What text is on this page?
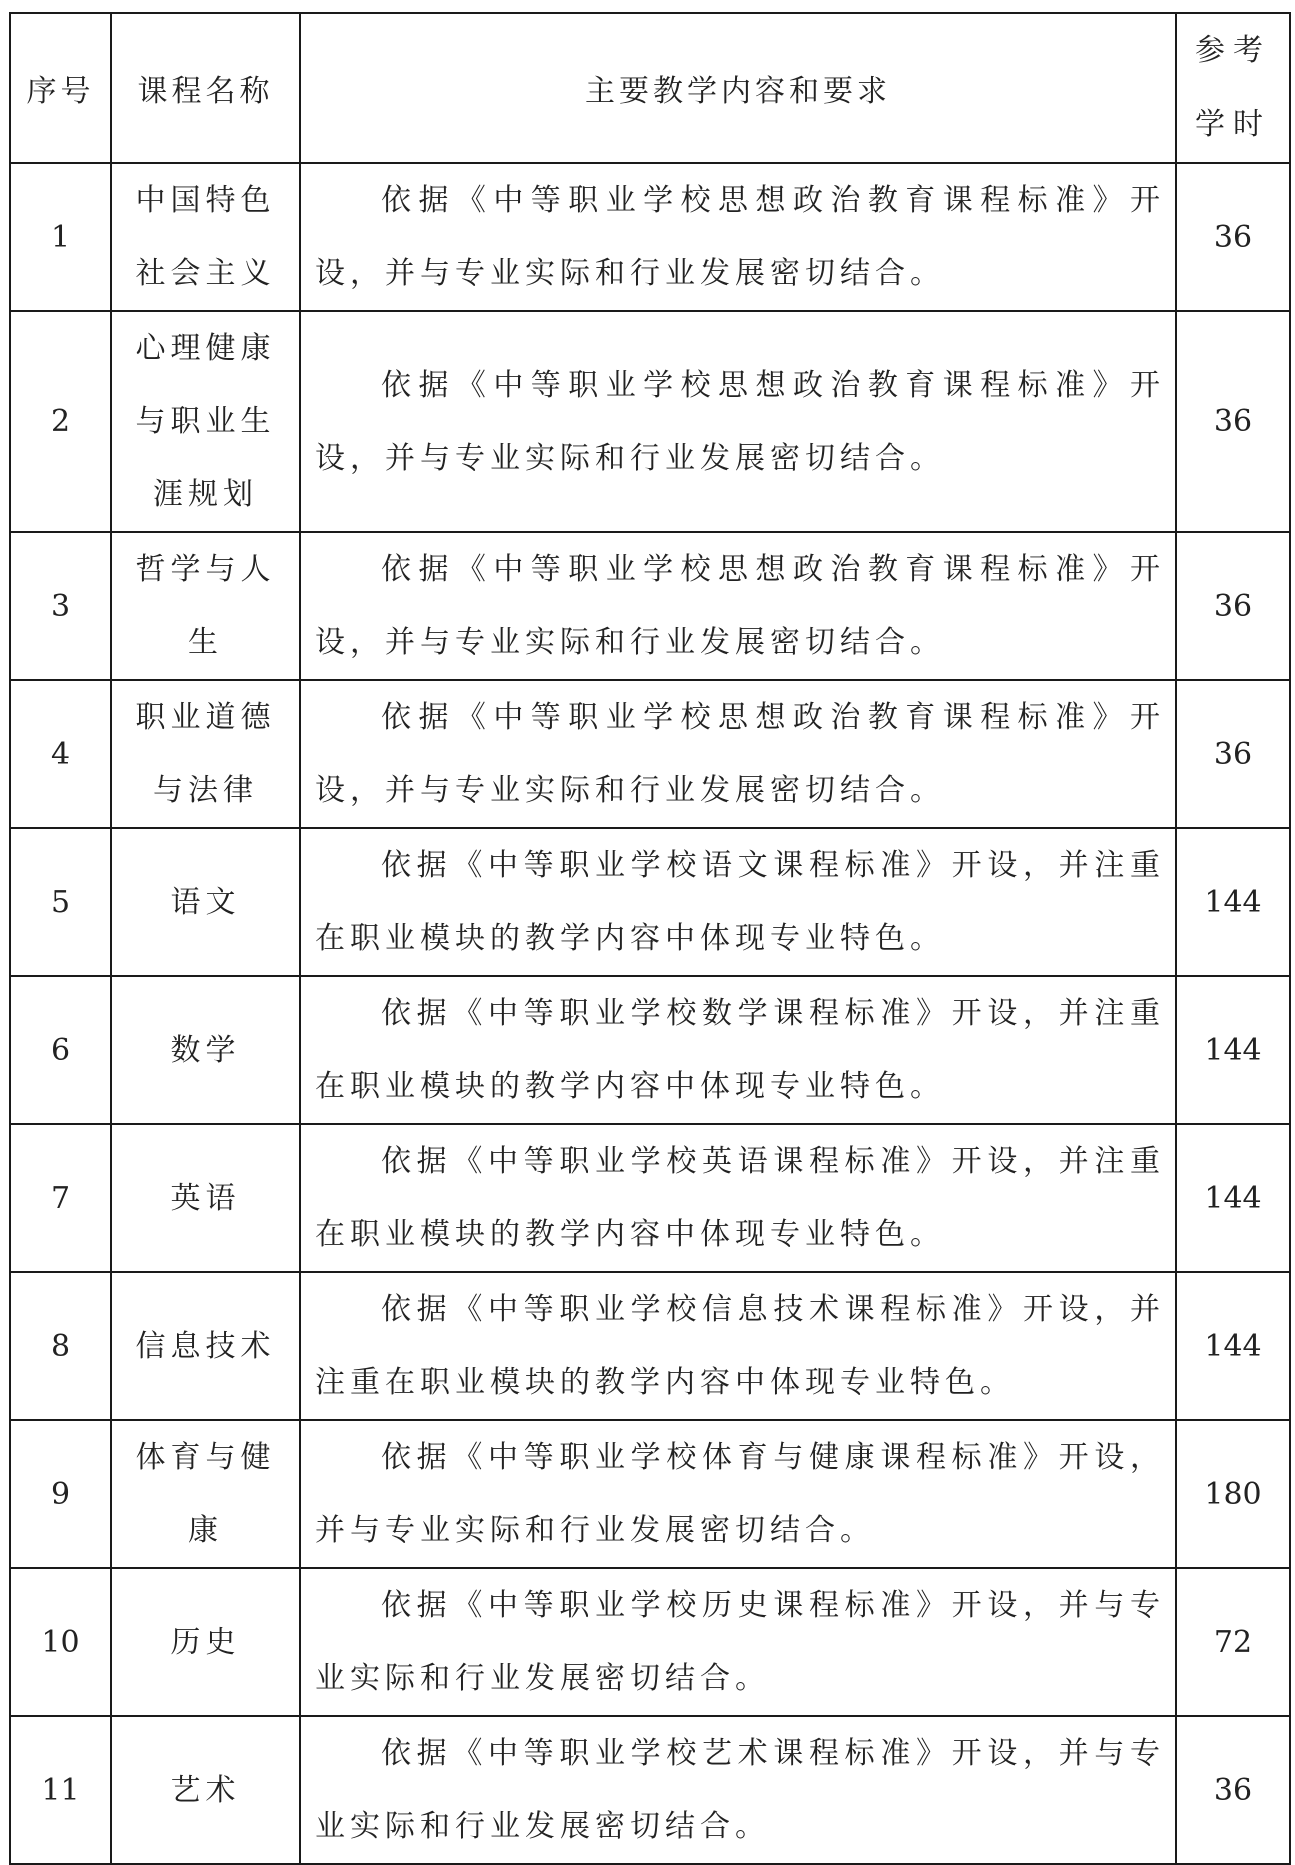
序号	课程名称	主要教学内容和要求	参考学时
1	中国特色社会主义	依据《中等职业学校思想政治教育课程标准》开设，并与专业实际和行业发展密切结合。	36
2	心理健康与职业生涯规划	依据《中等职业学校思想政治教育课程标准》开设，并与专业实际和行业发展密切结合。	36
3	哲学与人生	依据《中等职业学校思想政治教育课程标准》开设，并与专业实际和行业发展密切结合。	36
4	职业道德与法律	依据《中等职业学校思想政治教育课程标准》开设，并与专业实际和行业发展密切结合。	36
5	语文	依据《中等职业学校语文课程标准》开设，并注重在职业模块的教学内容中体现专业特色。	144
6	数学	依据《中等职业学校数学课程标准》开设，并注重在职业模块的教学内容中体现专业特色。	144
7	英语	依据《中等职业学校英语课程标准》开设，并注重在职业模块的教学内容中体现专业特色。	144
8	信息技术	依据《中等职业学校信息技术课程标准》开设，并注重在职业模块的教学内容中体现专业特色。	144
9	体育与健康	依据《中等职业学校体育与健康课程标准》开设，并与专业实际和行业发展密切结合。	180
10	历史	依据《中等职业学校历史课程标准》开设，并与专业实际和行业发展密切结合。	72
11	艺术	依据《中等职业学校艺术课程标准》开设，并与专业实际和行业发展密切结合。	36
